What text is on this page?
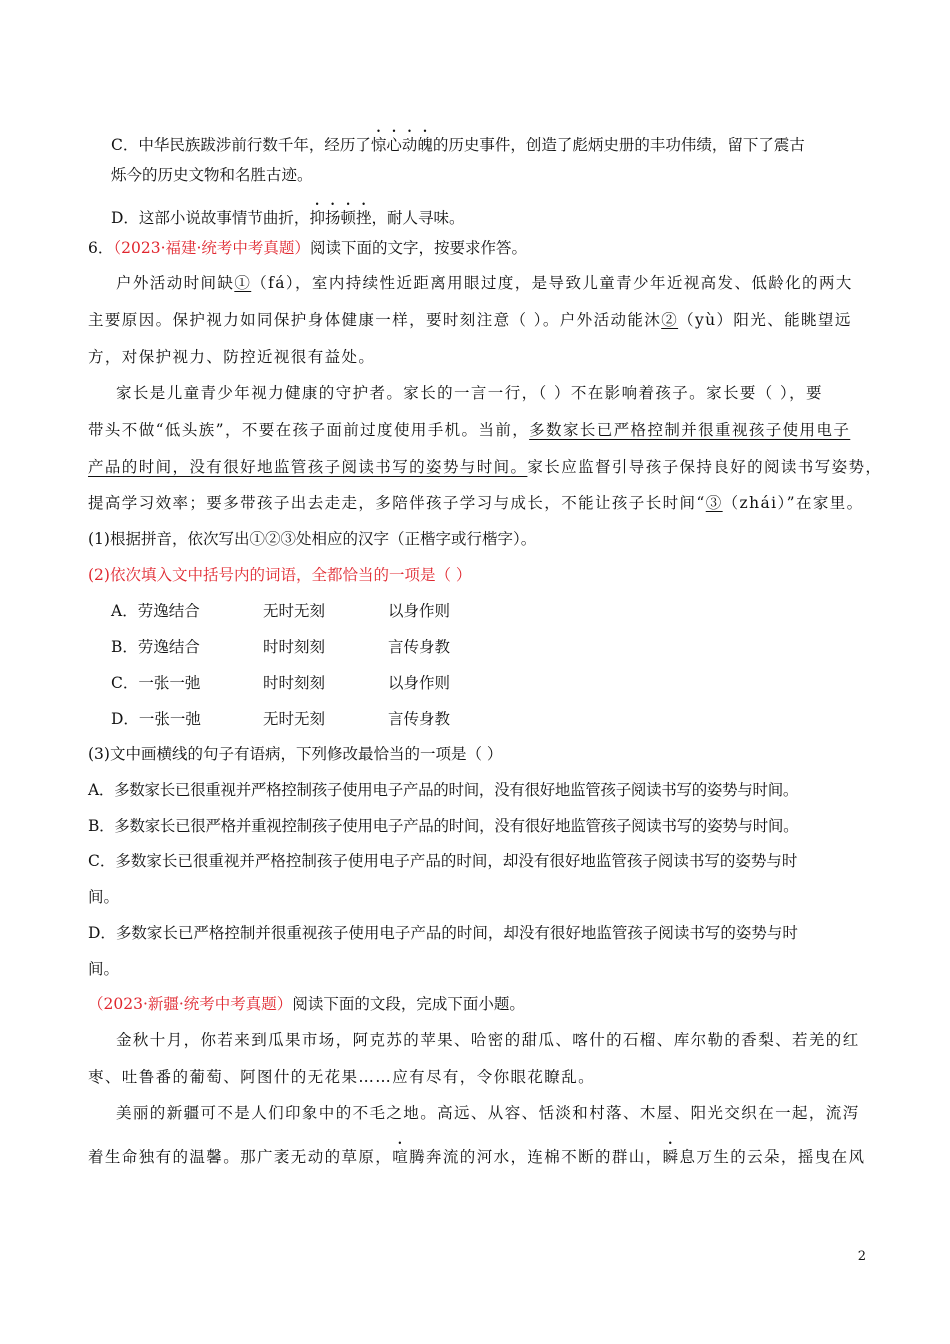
C．中华民族跋涉前行数千年，经历了惊心动魄的历史事件，创造了彪炳史册的丰功伟绩，留下了震古
烁今的历史文物和名胜古迹。
D．这部小说故事情节曲折，抑扬顿挫，耐人寻味。
6．（2023·福建·统考中考真题）阅读下面的文字，按要求作答。
户外活动时间缺①（fá），室内持续性近距离用眼过度，是导致儿童青少年近视高发、低龄化的两大
主要原因。保护视力如同保护身体健康一样，要时刻注意（ ）。户外活动能沐②（yù）阳光、能眺望远
方，对保护视力、防控近视很有益处。
家长是儿童青少年视力健康的守护者。家长的一言一行，（ ）不在影响着孩子。家长要（ ），要
带头不做“低头族”，不要在孩子面前过度使用手机。当前，多数家长已严格控制并很重视孩子使用电子
产品的时间，没有很好地监管孩子阅读书写的姿势与时间。家长应监督引导孩子保持良好的阅读书写姿势，
提高学习效率；要多带孩子出去走走，多陪伴孩子学习与成长，不能让孩子长时间“③（zhái）”在家里。
(1)根据拼音，依次写出①②③处相应的汉字（正楷字或行楷字）。
(2)依次填入文中括号内的词语，全都恰当的一项是（ ）
A．劳逸结合	无时无刻	以身作则
B．劳逸结合	时时刻刻	言传身教
C．一张一弛	时时刻刻	以身作则
D．一张一弛	无时无刻	言传身教
(3)文中画横线的句子有语病，下列修改最恰当的一项是（ ）
A．多数家长已很重视并严格控制孩子使用电子产品的时间，没有很好地监管孩子阅读书写的姿势与时间。
B．多数家长已很严格并重视控制孩子使用电子产品的时间，没有很好地监管孩子阅读书写的姿势与时间。
C．多数家长已很重视并严格控制孩子使用电子产品的时间，却没有很好地监管孩子阅读书写的姿势与时
间。
D．多数家长已严格控制并很重视孩子使用电子产品的时间，却没有很好地监管孩子阅读书写的姿势与时
间。
（2023·新疆·统考中考真题）阅读下面的文段，完成下面小题。
金秋十月，你若来到瓜果市场，阿克苏的苹果、哈密的甜瓜、喀什的石榴、库尔勒的香梨、若羌的红
枣、吐鲁番的葡萄、阿图什的无花果……应有尽有，令你眼花瞭乱。
美丽的新疆可不是人们印象中的不毛之地。高远、从容、恬淡和村落、木屋、阳光交织在一起，流泻
着生命独有的温馨。那广袤无动的草原，喧腾奔流的河水，连棉不断的群山，瞬息万生的云朵，摇曳在风
2
